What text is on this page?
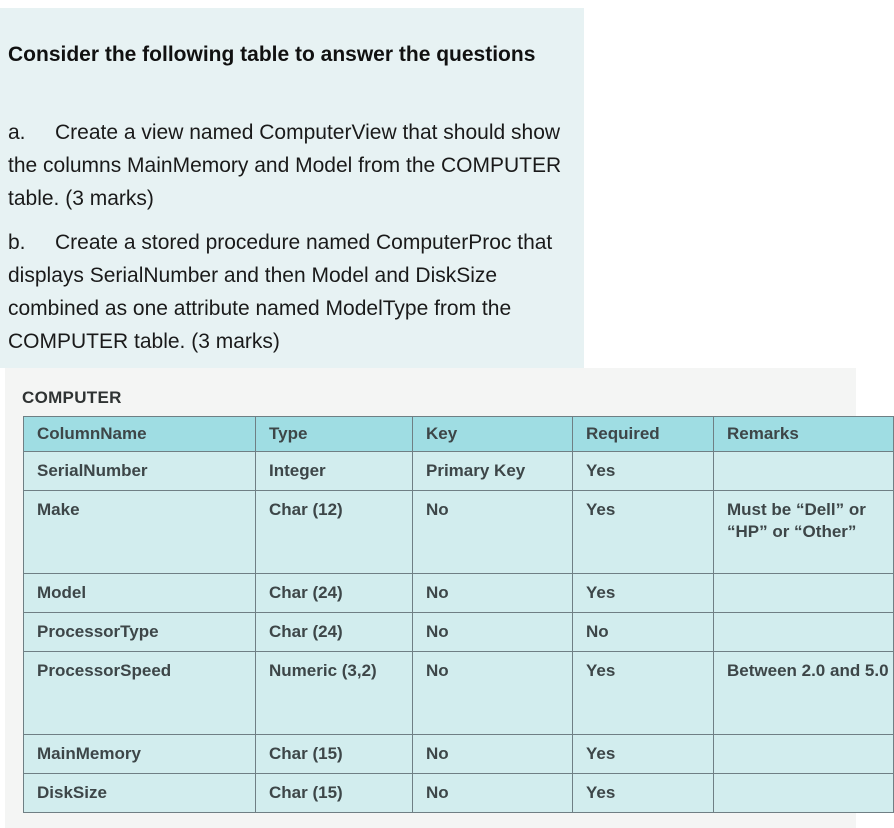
Consider the following table to answer the questions

a. Create a view named ComputerView that should show the columns MainMemory and Model from the COMPUTER table. (3 marks)

b. Create a stored procedure named ComputerProc that displays SerialNumber and then Model and DiskSize combined as one attribute named ModelType from the COMPUTER table. (3 marks)

COMPUTER
ColumnName	Type	Key	Required	Remarks
SerialNumber	Integer	Primary Key	Yes	
Make	Char (12)	No	Yes	Must be “Dell” or “HP” or “Other”
Model	Char (24)	No	Yes	
ProcessorType	Char (24)	No	No	
ProcessorSpeed	Numeric (3,2)	No	Yes	Between 2.0 and 5.0
MainMemory	Char (15)	No	Yes	
DiskSize	Char (15)	No	Yes	
